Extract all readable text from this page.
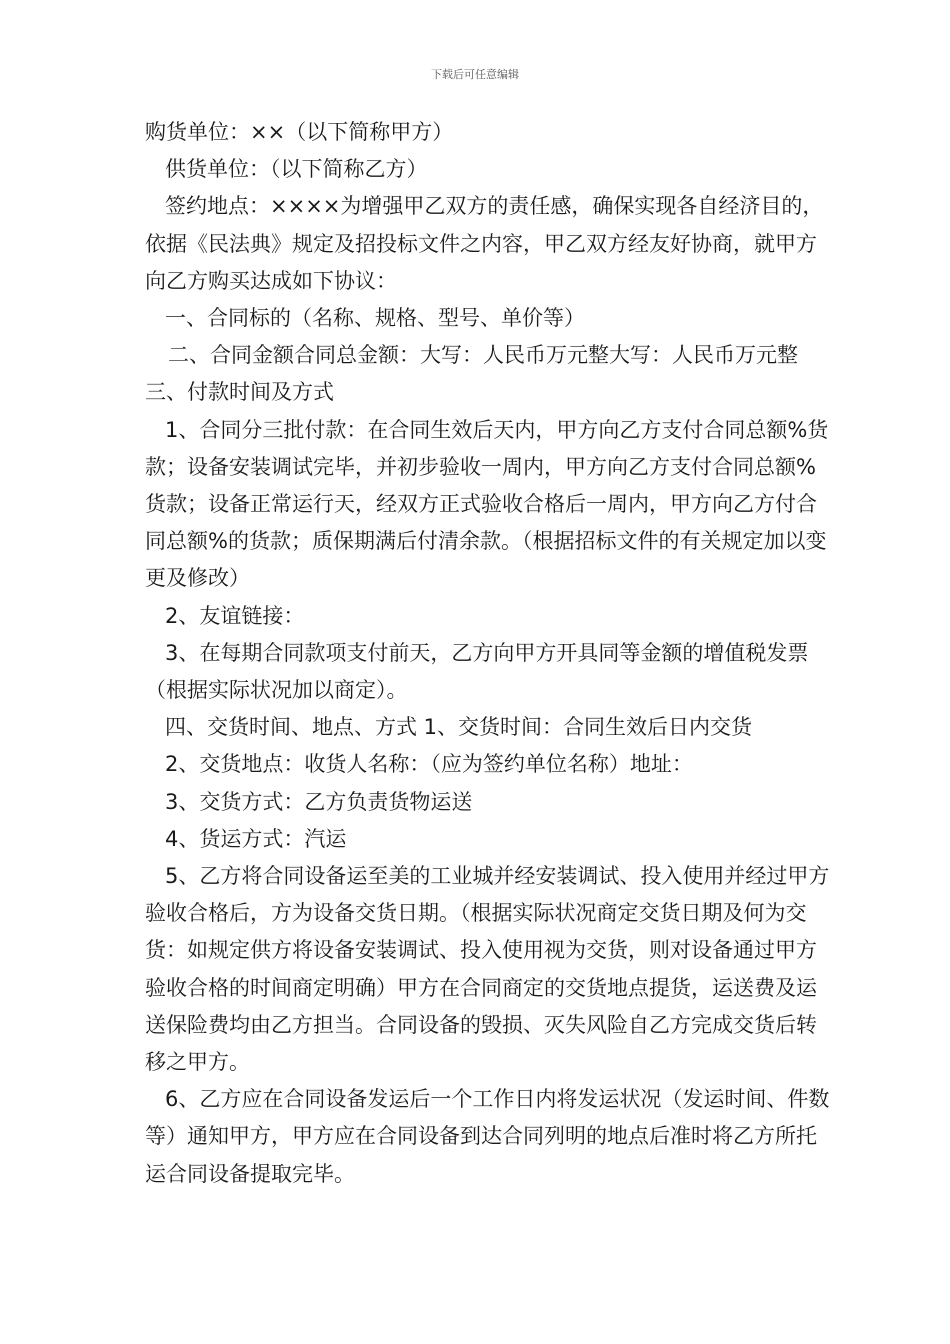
下载后可任意编辑

购货单位：××（以下简称甲方）

供货单位：（以下简称乙方）

签约地点：××××为增强甲乙双方的责任感，确保实现各自经济目的，依据《民法典》规定及招投标文件之内容，甲乙双方经友好协商，就甲方向乙方购买达成如下协议：

一、合同标的（名称、规格、型号、单价等）

二、合同金额合同总金额：大写：人民币万元整大写：人民币万元整三、付款时间及方式

1、合同分三批付款：在合同生效后天内，甲方向乙方支付合同总额%货款；设备安装调试完毕，并初步验收一周内，甲方向乙方支付合同总额%货款；设备正常运行天，经双方正式验收合格后一周内，甲方向乙方付合同总额%的货款；质保期满后付清余款。（根据招标文件的有关规定加以变更及修改）

2、友谊链接：

3、在每期合同款项支付前天，乙方向甲方开具同等金额的增值税发票（根据实际状况加以商定）。

四、交货时间、地点、方式 1、交货时间：合同生效后日内交货

2、交货地点：收货人名称：（应为签约单位名称）地址：

3、交货方式：乙方负责货物运送

4、货运方式：汽运

5、乙方将合同设备运至美的工业城并经安装调试、投入使用并经过甲方验收合格后，方为设备交货日期。（根据实际状况商定交货日期及何为交货：如规定供方将设备安装调试、投入使用视为交货，则对设备通过甲方验收合格的时间商定明确）甲方在合同商定的交货地点提货，运送费及运送保险费均由乙方担当。合同设备的毁损、灭失风险自乙方完成交货后转移之甲方。

6、乙方应在合同设备发运后一个工作日内将发运状况（发运时间、件数等）通知甲方，甲方应在合同设备到达合同列明的地点后准时将乙方所托运合同设备提取完毕。
